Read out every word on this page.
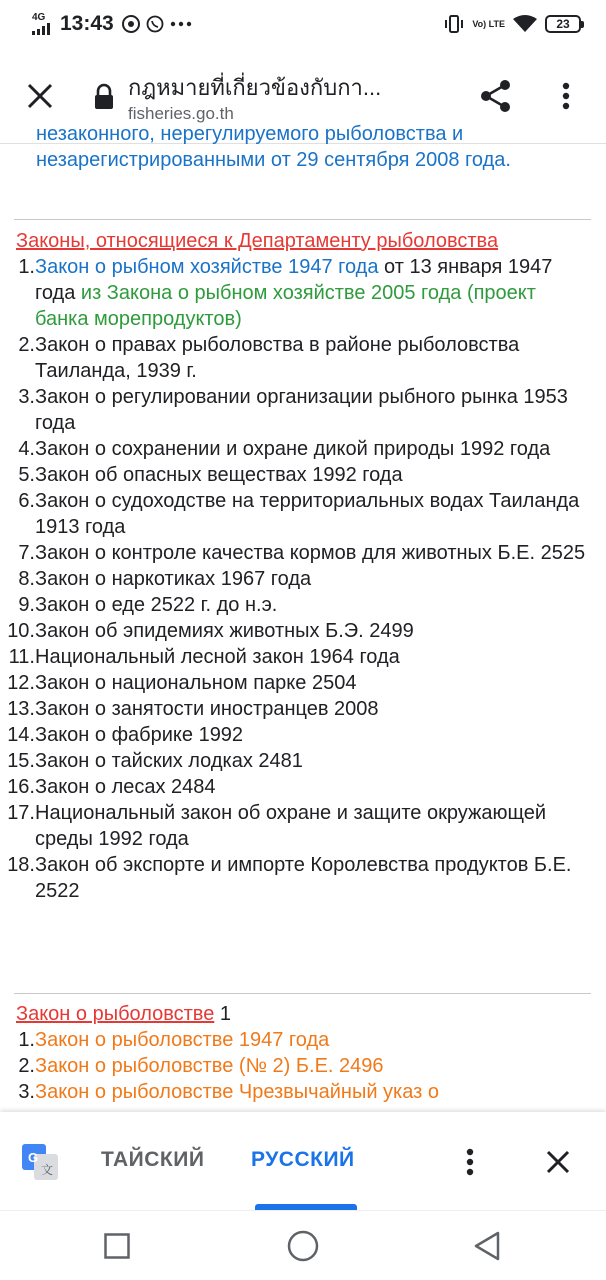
4G 13:43	Vo) LTE	23
กฎหมายที่เกี่ยวข้องกับกา...
fisheries.go.th
незаконного, нерегулируемого рыболовства и незарегистрированными от 29 сентября 2008 года.
Законы, относящиеся к Департаменту рыболовства
1. Закон о рыбном хозяйстве 1947 года от 13 января 1947 года из Закона о рыбном хозяйстве 2005 года (проект банка морепродуктов)
2. Закон о правах рыболовства в районе рыболовства Таиланда, 1939 г.
3. Закон о регулировании организации рыбного рынка 1953 года
4. Закон о сохранении и охране дикой природы 1992 года
5. Закон об опасных веществах 1992 года
6. Закон о судоходстве на территориальных водах Таиланда 1913 года
7. Закон о контроле качества кормов для животных Б.Е. 2525
8. Закон о наркотиках 1967 года
9. Закон о еде 2522 г. до н.э.
10. Закон об эпидемиях животных Б.Э. 2499
11. Национальный лесной закон 1964 года
12. Закон о национальном парке 2504
13. Закон о занятости иностранцев 2008
14. Закон о фабрике 1992
15. Закон о тайских лодках 2481
16. Закон о лесах 2484
17. Национальный закон об охране и защите окружающей среды 1992 года
18. Закон об экспорте и импорте Королевства продуктов Б.Е. 2522
Закон о рыболовстве 1
1. Закон о рыболовстве 1947 года
2. Закон о рыболовстве (№ 2) Б.Е. 2496
3. Закон о рыболовстве Чрезвычайный указ о
G
文 ТАЙСКИЙ РУССКИЙ
